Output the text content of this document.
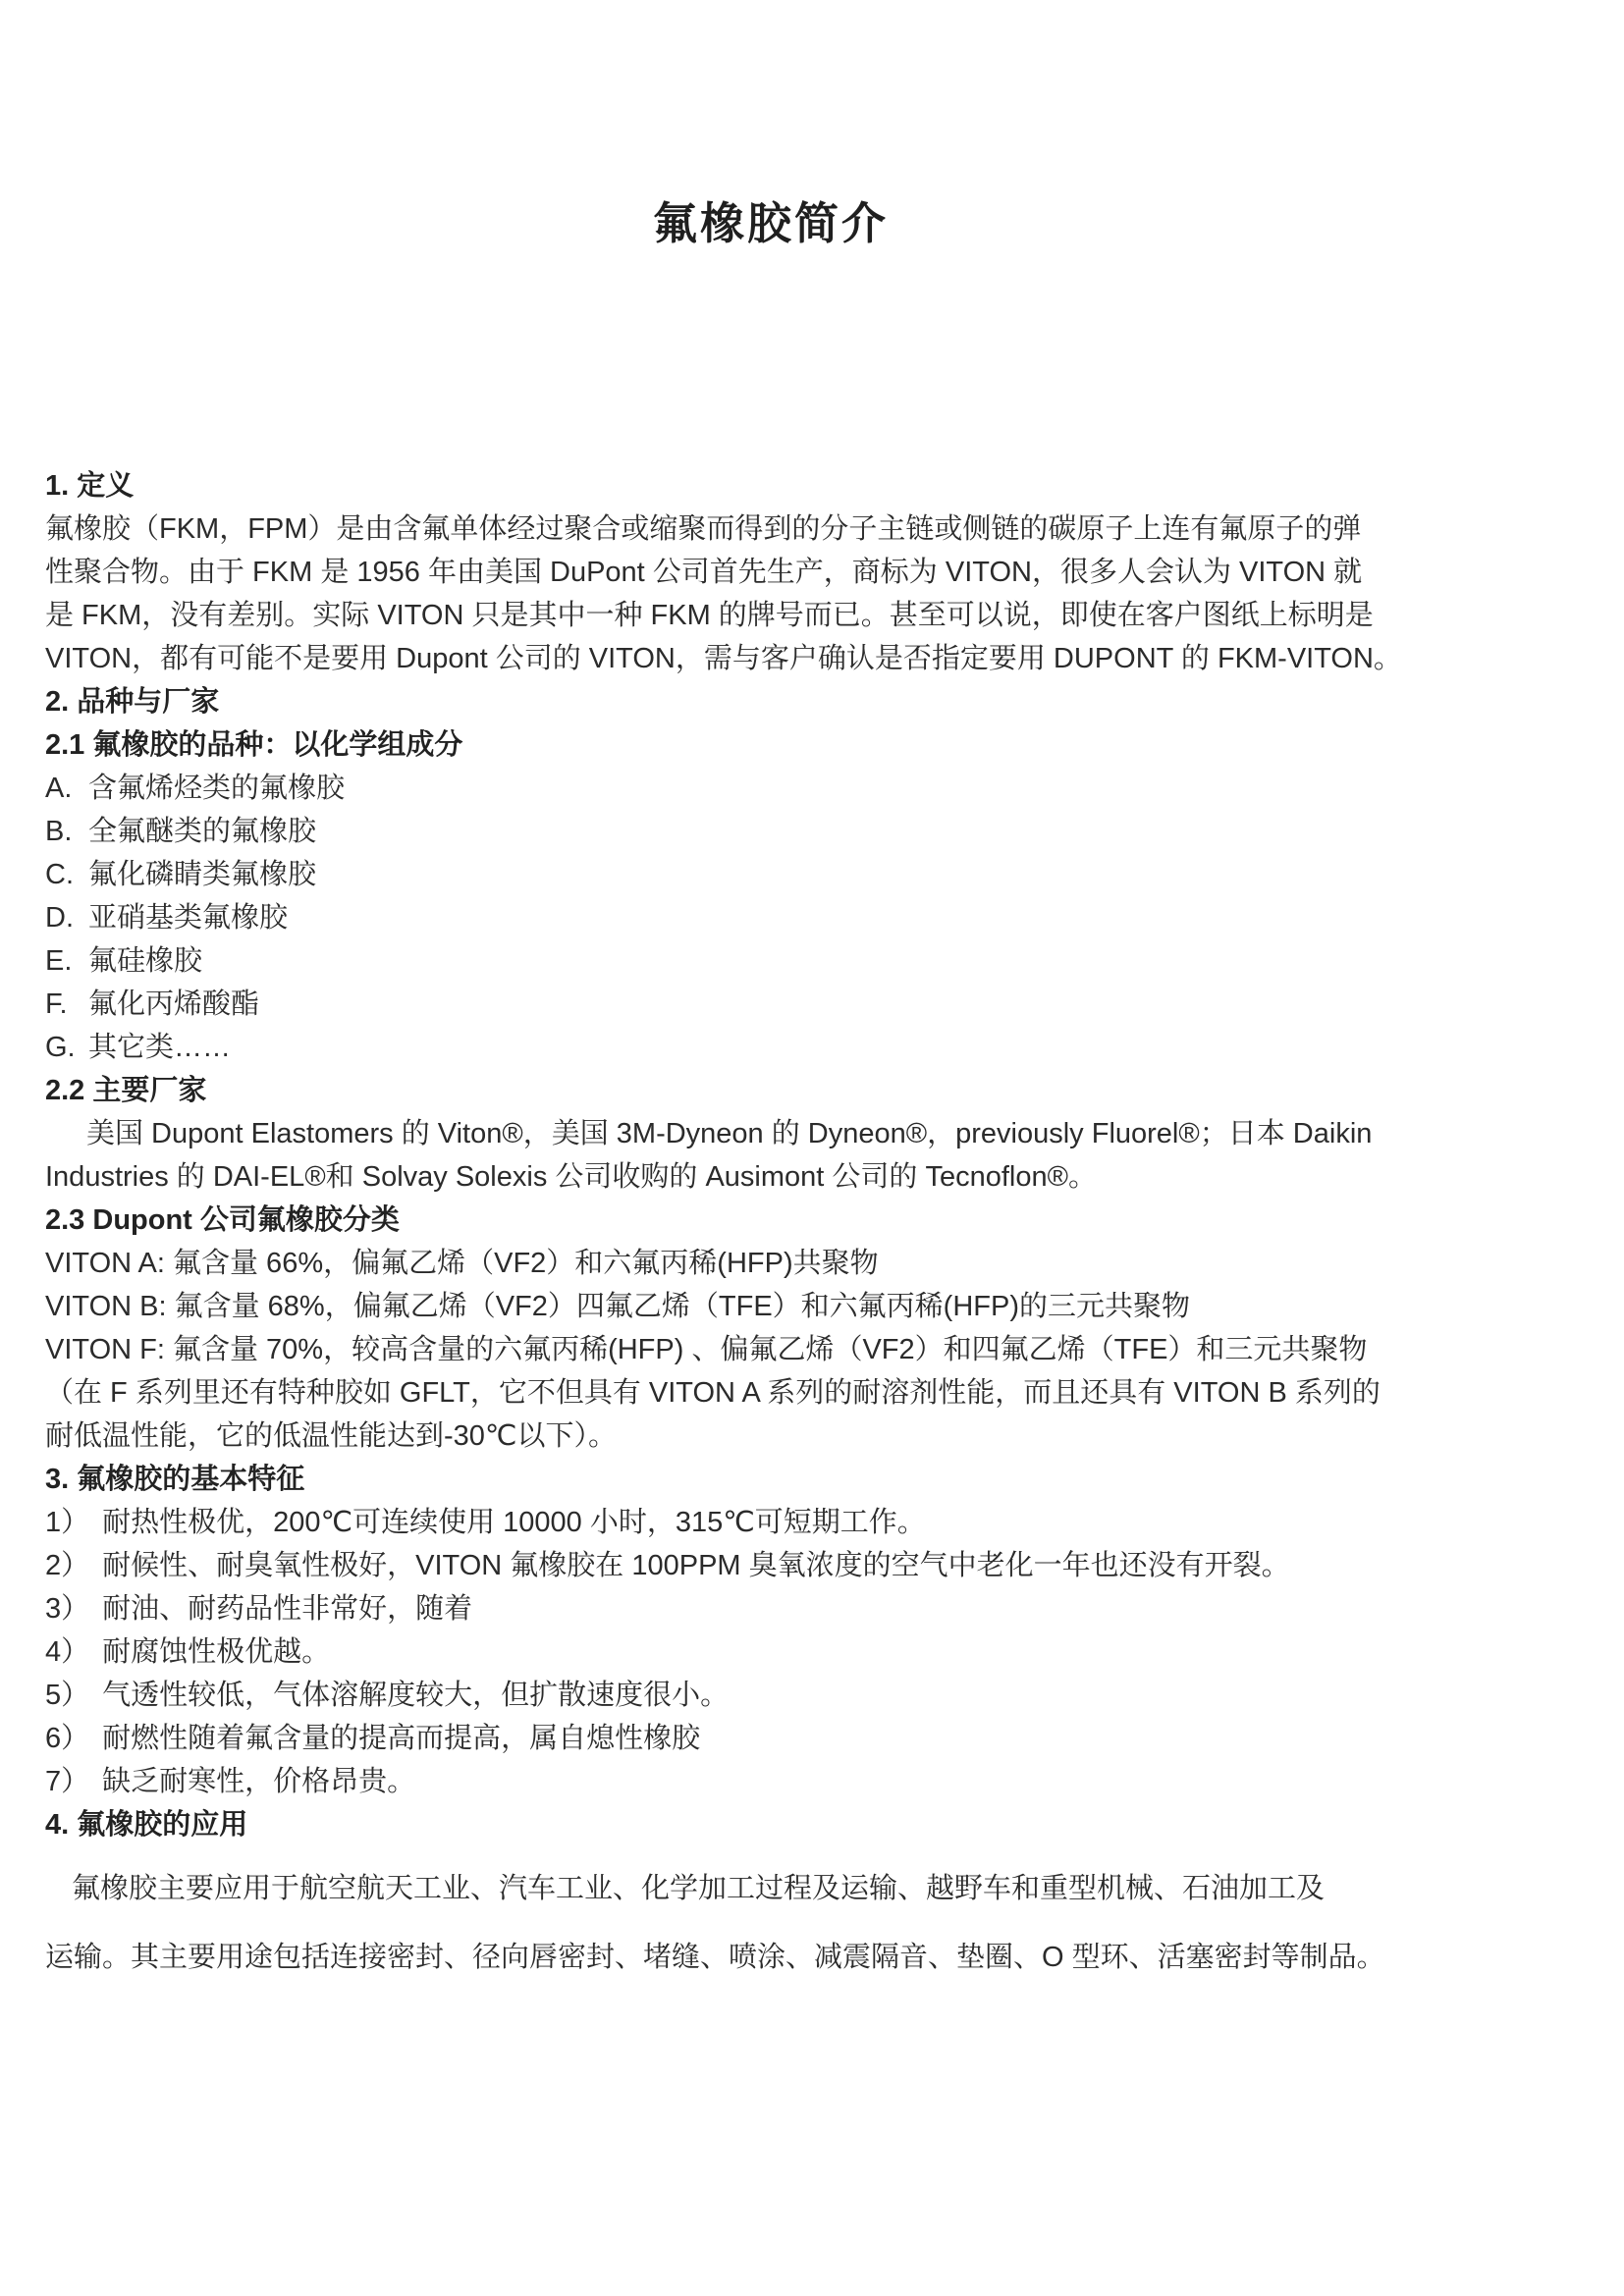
氟橡胶简介
1. 定义
氟橡胶（FKM，FPM）是由含氟单体经过聚合或缩聚而得到的分子主链或侧链的碳原子上连有氟原子的弹
性聚合物。由于 FKM 是 1956 年由美国 DuPont 公司首先生产，商标为 VITON，很多人会认为 VITON 就
是 FKM，没有差别。实际 VITON 只是其中一种 FKM 的牌号而已。甚至可以说，即使在客户图纸上标明是
VITON，都有可能不是要用 Dupont 公司的 VITON，需与客户确认是否指定要用 DUPONT 的 FKM-VITON。
2. 品种与厂家
2.1 氟橡胶的品种：以化学组成分
A. 含氟烯烃类的氟橡胶
B. 全氟醚类的氟橡胶
C. 氟化磷睛类氟橡胶
D. 亚硝基类氟橡胶
E. 氟硅橡胶
F. 氟化丙烯酸酯
G. 其它类……
2.2 主要厂家
美国 Dupont Elastomers 的 Viton®，美国 3M-Dyneon 的 Dyneon®，previously Fluorel®；日本 Daikin
Industries 的 DAI-EL®和 Solvay Solexis 公司收购的 Ausimont 公司的 Tecnoflon®。
2.3 Dupont 公司氟橡胶分类
VITON A: 氟含量 66%，偏氟乙烯（VF2）和六氟丙稀(HFP)共聚物
VITON B: 氟含量 68%，偏氟乙烯（VF2）四氟乙烯（TFE）和六氟丙稀(HFP)的三元共聚物
VITON F: 氟含量 70%，较高含量的六氟丙稀(HFP) 、偏氟乙烯（VF2）和四氟乙烯（TFE）和三元共聚物
（在 F 系列里还有特种胶如 GFLT，它不但具有 VITON A 系列的耐溶剂性能，而且还具有 VITON B 系列的
耐低温性能，它的低温性能达到-30℃以下）。
3. 氟橡胶的基本特征
1） 耐热性极优，200℃可连续使用 10000 小时，315℃可短期工作。
2） 耐候性、耐臭氧性极好，VITON 氟橡胶在 100PPM 臭氧浓度的空气中老化一年也还没有开裂。
3） 耐油、耐药品性非常好，随着
4） 耐腐蚀性极优越。
5） 气透性较低，气体溶解度较大，但扩散速度很小。
6） 耐燃性随着氟含量的提高而提高，属自熄性橡胶
7） 缺乏耐寒性，价格昂贵。
4. 氟橡胶的应用
氟橡胶主要应用于航空航天工业、汽车工业、化学加工过程及运输、越野车和重型机械、石油加工及
运输。其主要用途包括连接密封、径向唇密封、堵缝、喷涂、减震隔音、垫圈、O 型环、活塞密封等制品。
